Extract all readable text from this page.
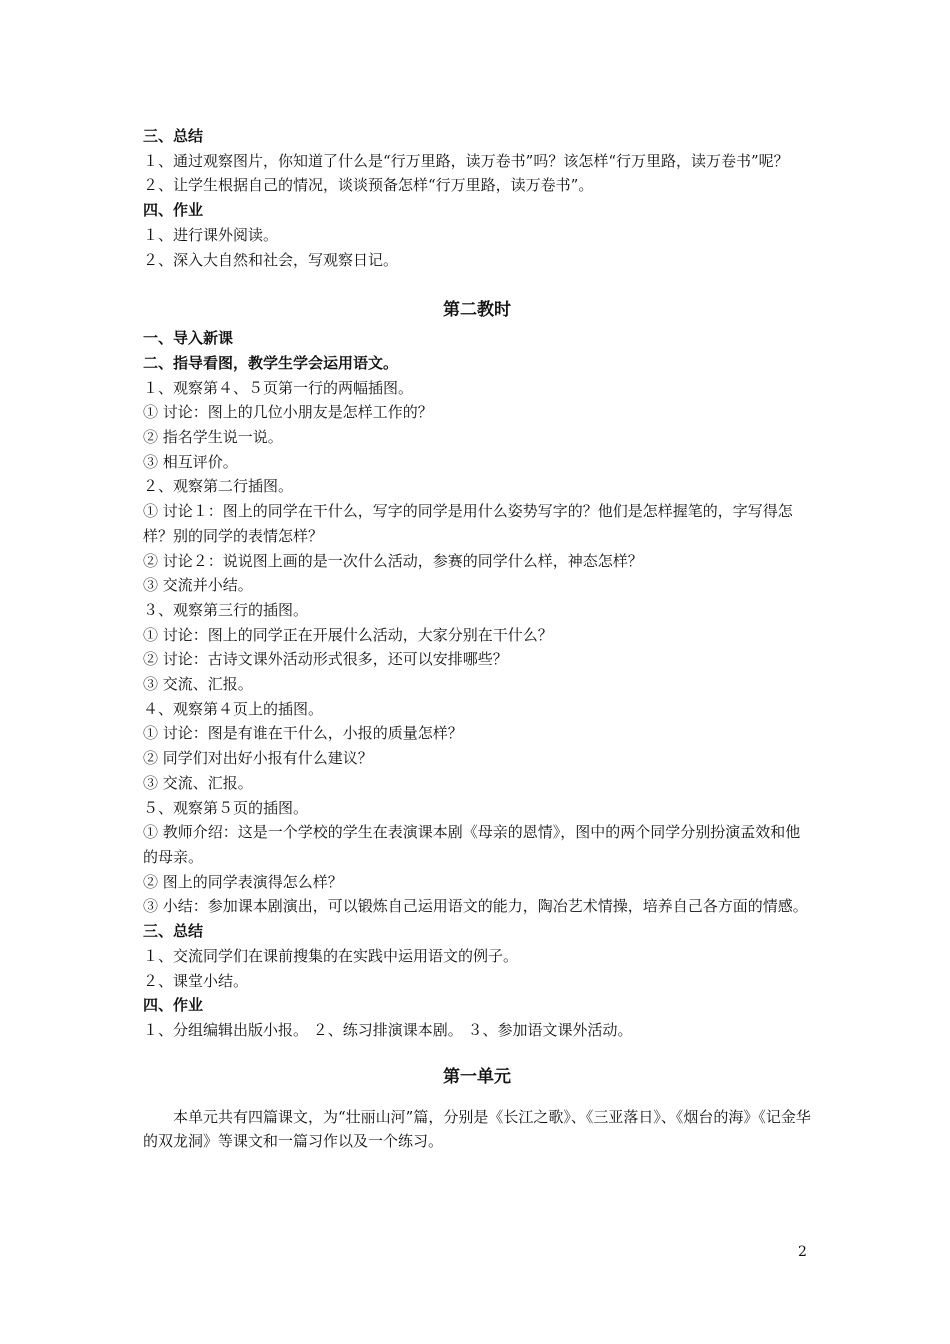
三、总结

１、通过观察图片，你知道了什么是“行万里路，读万卷书”吗？该怎样“行万里路，读万卷书”呢？

２、让学生根据自己的情况，谈谈预备怎样“行万里路，读万卷书”。

四、作业

１、进行课外阅读。

２、深入大自然和社会，写观察日记。

第二教时

一、导入新课

二、指导看图，教学生学会运用语文。

１、观察第４、５页第一行的两幅插图。

① 讨论：图上的几位小朋友是怎样工作的？

② 指名学生说一说。

③ 相互评价。

２、观察第二行插图。

① 讨论１：图上的同学在干什么，写字的同学是用什么姿势写字的？他们是怎样握笔的，字写得怎样？别的同学的表情怎样？

② 讨论２：说说图上画的是一次什么活动，参赛的同学什么样，神态怎样？

③ 交流并小结。

３、观察第三行的插图。

① 讨论：图上的同学正在开展什么活动，大家分别在干什么？

② 讨论：古诗文课外活动形式很多，还可以安排哪些？

③ 交流、汇报。

４、观察第４页上的插图。

① 讨论：图是有谁在干什么，小报的质量怎样？

② 同学们对出好小报有什么建议？

③ 交流、汇报。

５、观察第５页的插图。

① 教师介绍：这是一个学校的学生在表演课本剧《母亲的恩情》，图中的两个同学分别扮演孟效和他的母亲。

② 图上的同学表演得怎么样？

③ 小结：参加课本剧演出，可以锻炼自己运用语文的能力，陶冶艺术情操，培养自己各方面的情感。

三、总结

１、交流同学们在课前搜集的在实践中运用语文的例子。

２、课堂小结。

四、作业

１、分组编辑出版小报。 ２、练习排演课本剧。 ３、参加语文课外活动。

第一单元

本单元共有四篇课文，为“壮丽山河”篇，分别是《长江之歌》、《三亚落日》、《烟台的海》《记金华的双龙洞》等课文和一篇习作以及一个练习。

2
